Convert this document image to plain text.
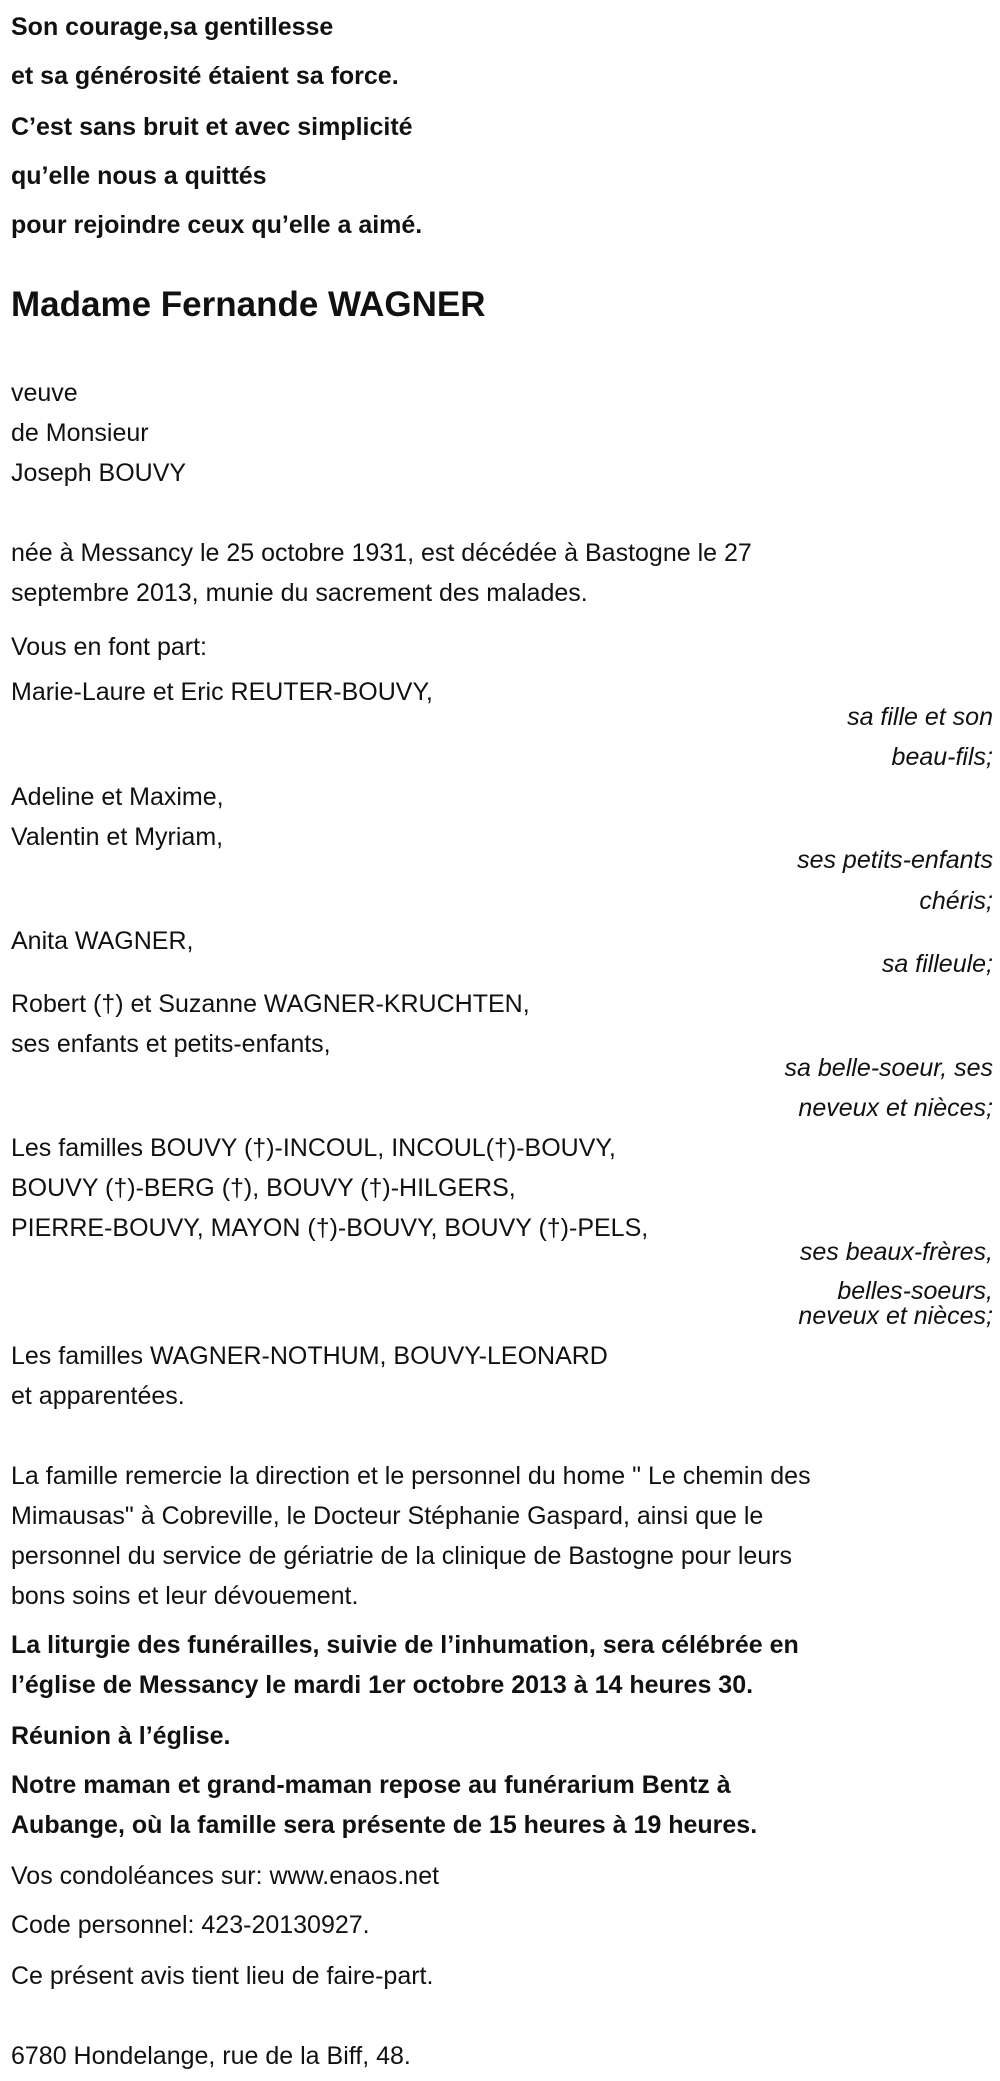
Son courage,sa gentillesse
et sa générosité étaient sa force.
C’est sans bruit et avec simplicité
qu’elle nous a quittés
pour rejoindre ceux qu’elle a aimé.
Madame Fernande WAGNER
veuve
de Monsieur
Joseph BOUVY
née à Messancy le 25 octobre 1931, est décédée à Bastogne le 27
septembre 2013, munie du sacrement des malades.
Vous en font part:
Marie-Laure et Eric REUTER-BOUVY,
sa fille et son
beau-fils;
Adeline et Maxime,
Valentin et Myriam,
ses petits-enfants
chéris;
Anita WAGNER,
sa filleule;
Robert (†) et Suzanne WAGNER-KRUCHTEN,
ses enfants et petits-enfants,
sa belle-soeur, ses
neveux et nièces;
Les familles BOUVY (†)-INCOUL, INCOUL(†)-BOUVY,
BOUVY (†)-BERG (†), BOUVY (†)-HILGERS,
PIERRE-BOUVY, MAYON (†)-BOUVY, BOUVY (†)-PELS,
ses beaux-frères,
belles-soeurs,
neveux et nièces;
Les familles WAGNER-NOTHUM, BOUVY-LEONARD
et apparentées.
La famille remercie la direction et le personnel du home " Le chemin des
Mimausas" à Cobreville, le Docteur Stéphanie Gaspard, ainsi que le
personnel du service de gériatrie de la clinique de Bastogne pour leurs
bons soins et leur dévouement.
La liturgie des funérailles, suivie de l’inhumation, sera célébrée en
l’église de Messancy le mardi 1er octobre 2013 à 14 heures 30.
Réunion à l’église.
Notre maman et grand-maman repose au funérarium Bentz à
Aubange, où la famille sera présente de 15 heures à 19 heures.
Vos condoléances sur: www.enaos.net
Code personnel: 423-20130927.
Ce présent avis tient lieu de faire-part.
6780 Hondelange, rue de la Biff, 48.
